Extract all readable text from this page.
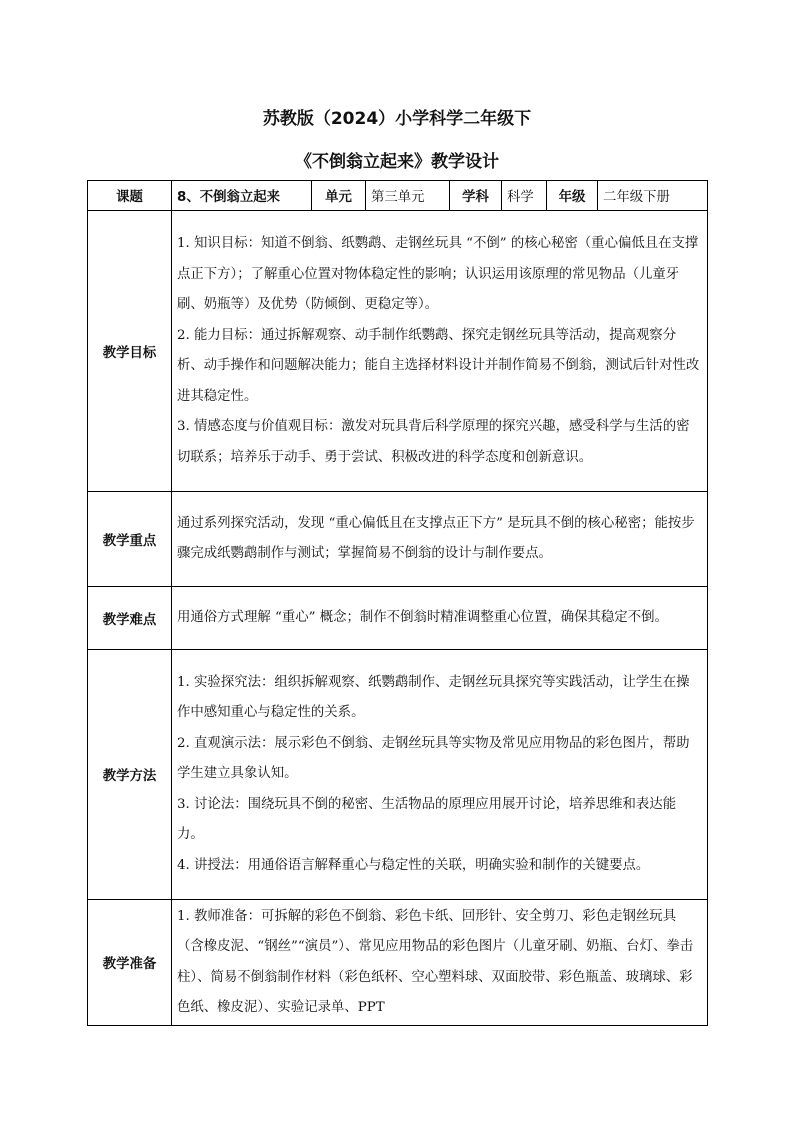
苏教版（2024）小学科学二年级下
《不倒翁立起来》教学设计
课题	8、不倒翁立起来	单元	第三单元	学科	科学	年级	二年级下册
教学目标	1. 知识目标：知道不倒翁、纸鹦鹉、走钢丝玩具 “不倒” 的核心秘密（重心偏低且在支撑点正下方）；了解重心位置对物体稳定性的影响；认识运用该原理的常见物品（儿童牙刷、奶瓶等）及优势（防倾倒、更稳定等）。

2. 能力目标：通过拆解观察、动手制作纸鹦鹉、探究走钢丝玩具等活动，提高观察分析、动手操作和问题解决能力；能自主选择材料设计并制作简易不倒翁，测试后针对性改进其稳定性。

3. 情感态度与价值观目标：激发对玩具背后科学原理的探究兴趣，感受科学与生活的密切联系；培养乐于动手、勇于尝试、积极改进的科学态度和创新意识。						

教学重点	通过系列探究活动，发现 “重心偏低且在支撑点正下方” 是玩具不倒的核心秘密；能按步骤完成纸鹦鹉制作与测试；掌握简易不倒翁的设计与制作要点。						

教学难点	用通俗方式理解 “重心” 概念；制作不倒翁时精准调整重心位置，确保其稳定不倒。						

教学方法	1. 实验探究法：组织拆解观察、纸鹦鹉制作、走钢丝玩具探究等实践活动，让学生在操作中感知重心与稳定性的关系。

2. 直观演示法：展示彩色不倒翁、走钢丝玩具等实物及常见应用物品的彩色图片，帮助学生建立具象认知。

3. 讨论法：围绕玩具不倒的秘密、生活物品的原理应用展开讨论，培养思维和表达能力。

4. 讲授法：用通俗语言解释重心与稳定性的关联，明确实验和制作的关键要点。						

教学准备	1. 教师准备：可拆解的彩色不倒翁、彩色卡纸、回形针、安全剪刀、彩色走钢丝玩具（含橡皮泥、“钢丝”“演员”）、常见应用物品的彩色图片（儿童牙刷、奶瓶、台灯、拳击柱）、简易不倒翁制作材料（彩色纸杯、空心塑料球、双面胶带、彩色瓶盖、玻璃球、彩色纸、橡皮泥）、实验记录单、PPT						
